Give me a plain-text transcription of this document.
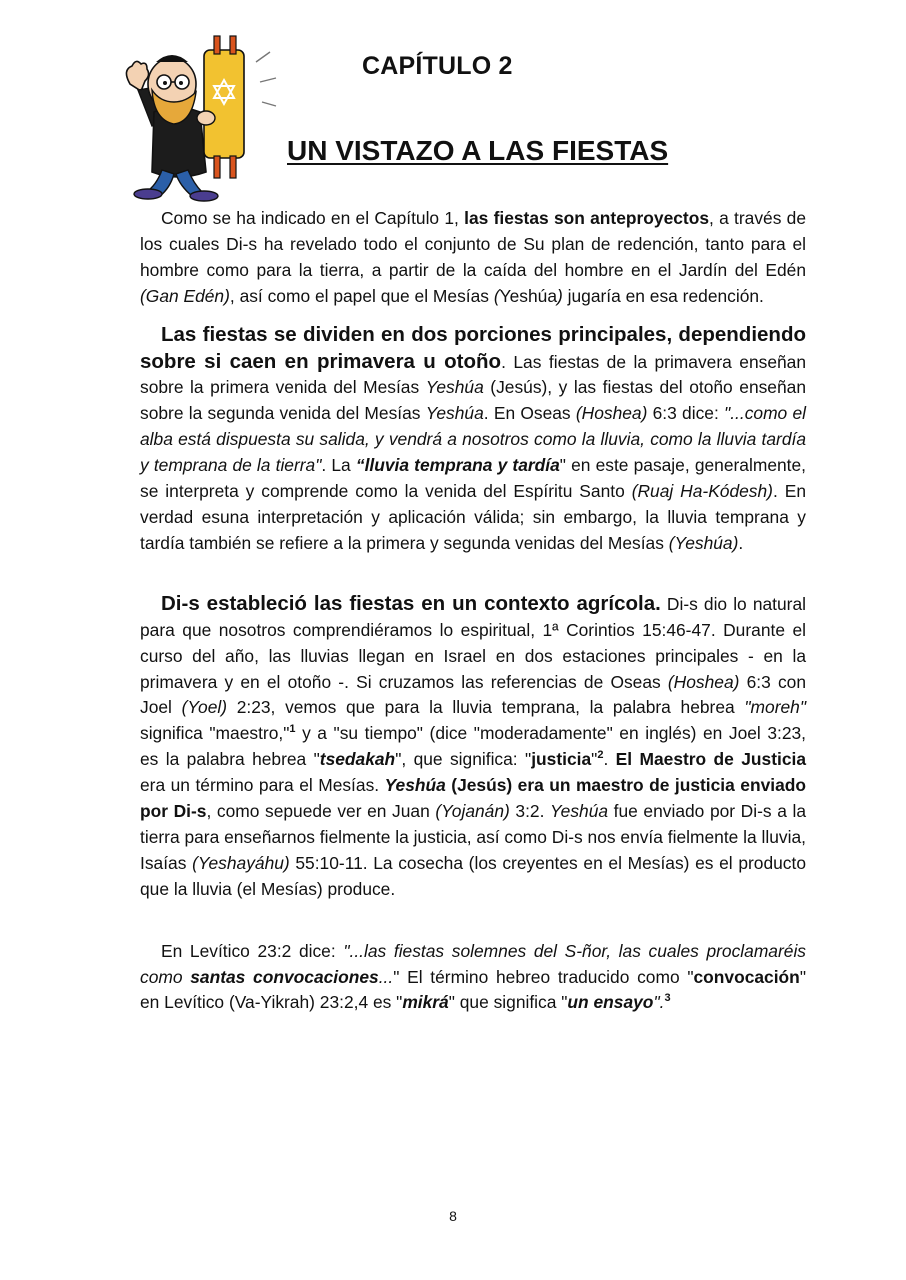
CAPÍTULO 2
UN VISTAZO A LAS FIESTAS

Como se ha indicado en el Capítulo 1, las fiestas son anteproyectos, a través de los cuales Di-s ha revelado todo el conjunto de Su plan de redención, tanto para el hombre como para la tierra, a partir de la caída del hombre en el Jardín del Edén (Gan Edén), así como el papel que el Mesías (Yeshúa) jugaría en esa redención.

Las fiestas se dividen en dos porciones principales, dependiendo sobre si caen en primavera u otoño. Las fiestas de la primavera enseñan sobre la primera venida del Mesías Yeshúa (Jesús), y las fiestas del otoño enseñan sobre la segunda venida del Mesías Yeshúa. En Oseas (Hoshea) 6:3 dice: "...como el alba está dispuesta su salida, y vendrá a nosotros como la lluvia, como la lluvia tardía y temprana de la tierra". La “lluvia temprana y tardía" en este pasaje, generalmente, se interpreta y comprende como la venida del Espíritu Santo (Ruaj Ha-Kódesh). En verdad esuna interpretación y aplicación válida; sin embargo, la lluvia temprana y tardía también se refiere a la primera y segunda venidas del Mesías (Yeshúa).

Di-s estableció las fiestas en un contexto agrícola. Di-s dio lo natural para que nosotros comprendiéramos lo espiritual, 1ª Corintios 15:46-47. Durante el curso del año, las lluvias llegan en Israel en dos estaciones principales - en la primavera y en el otoño -. Si cruzamos las referencias de Oseas (Hoshea) 6:3 con Joel (Yoel) 2:23, vemos que para la lluvia temprana, la palabra hebrea "moreh" significa "maestro,"$^1$ y a "su tiempo" (dice "moderadamente" en inglés) en Joel 3:23, es la palabra hebrea "tsedakah", que significa: "justicia"$^2$. El Maestro de Justicia era un término para el Mesías. Yeshúa (Jesús) era un maestro de justicia enviado por Di-s, como sepuede ver en Juan (Yojanán) 3:2. Yeshúa fue enviado por Di-s a la tierra para enseñarnos fielmente la justicia, así como Di-s nos envía fielmente la lluvia, Isaías (Yeshayáhu) 55:10-11. La cosecha (los creyentes en el Mesías) es el producto que la lluvia (el Mesías) produce.

En Levítico 23:2 dice: "...las fiestas solemnes del S-ñor, las cuales proclamaréis como santas convocaciones..." El término hebreo traducido como "convocación" en Levítico (Va-Yikrah) 23:2,4 es "mikrá" que significa "un ensayo".$^3$

8
